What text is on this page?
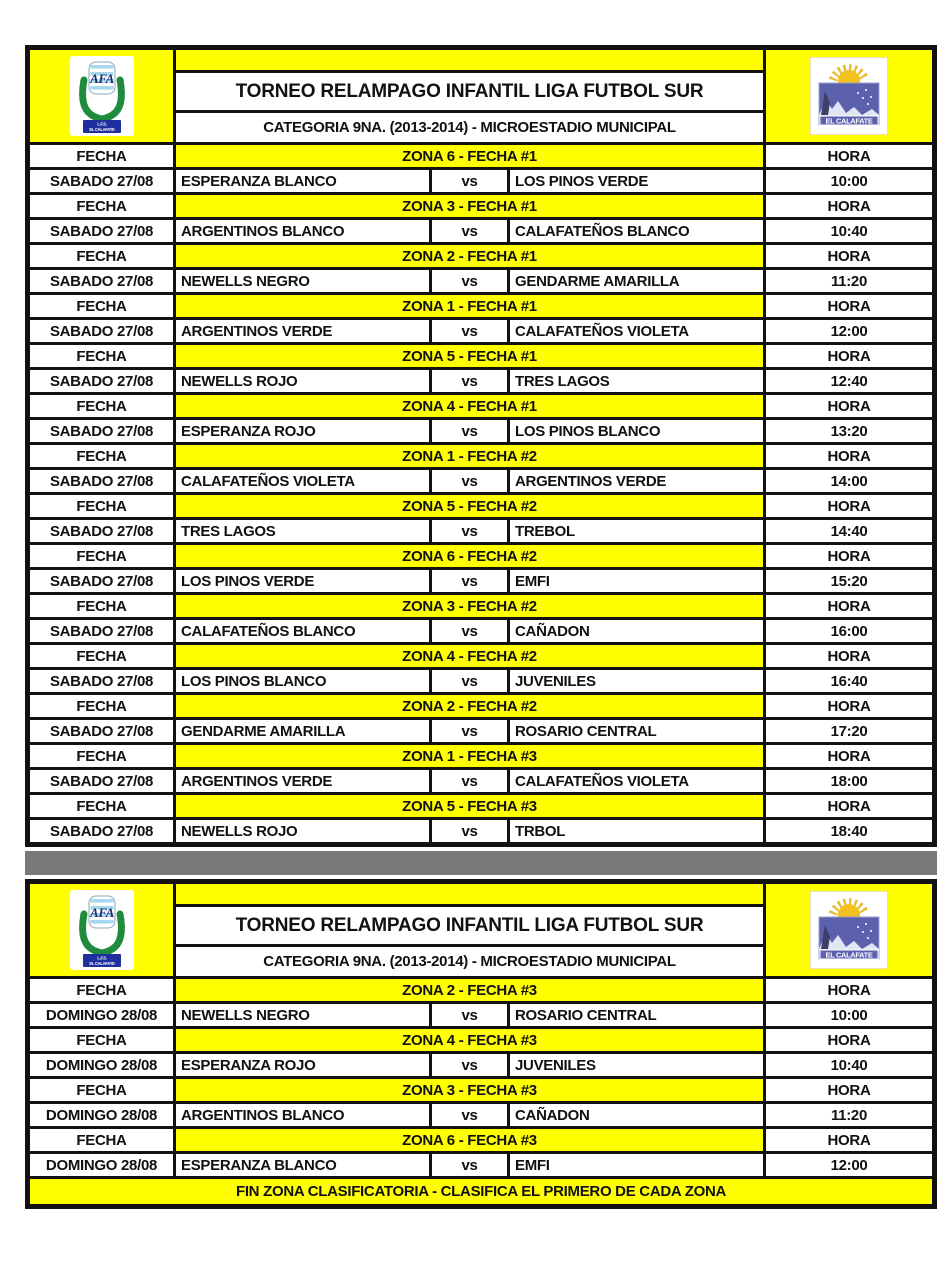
AFA
L.F.S.
EL CALAFATE

TORNEO RELAMPAGO INFANTIL LIGA FUTBOL SUR
CATEGORIA 9NA. (2013-2014) - MICROESTADIO MUNICIPAL	EL CALAFATE

FECHA	ZONA 6 - FECHA #1			HORA
SABADO 27/08	ESPERANZA BLANCO	vs	LOS PINOS VERDE	10:00
FECHA	ZONA 3 - FECHA #1			HORA
SABADO 27/08	ARGENTINOS BLANCO	vs	CALAFATEÑOS BLANCO	10:40
FECHA	ZONA 2 - FECHA #1			HORA
SABADO 27/08	NEWELLS NEGRO	vs	GENDARME AMARILLA	11:20
FECHA	ZONA 1 - FECHA #1			HORA
SABADO 27/08	ARGENTINOS VERDE	vs	CALAFATEÑOS VIOLETA	12:00
FECHA	ZONA 5 - FECHA #1			HORA
SABADO 27/08	NEWELLS ROJO	vs	TRES LAGOS	12:40
FECHA	ZONA 4 - FECHA #1			HORA
SABADO 27/08	ESPERANZA ROJO	vs	LOS PINOS BLANCO	13:20
FECHA	ZONA 1 - FECHA #2			HORA
SABADO 27/08	CALAFATEÑOS VIOLETA	vs	ARGENTINOS VERDE	14:00
FECHA	ZONA 5 - FECHA #2			HORA
SABADO 27/08	TRES LAGOS	vs	TREBOL	14:40
FECHA	ZONA 6 - FECHA #2			HORA
SABADO 27/08	LOS PINOS VERDE	vs	EMFI	15:20
FECHA	ZONA 3 - FECHA #2			HORA
SABADO 27/08	CALAFATEÑOS BLANCO	vs	CAÑADON	16:00
FECHA	ZONA 4 - FECHA #2			HORA
SABADO 27/08	LOS PINOS BLANCO	vs	JUVENILES	16:40
FECHA	ZONA 2 - FECHA #2			HORA
SABADO 27/08	GENDARME AMARILLA	vs	ROSARIO CENTRAL	17:20
FECHA	ZONA 1 - FECHA #3			HORA
SABADO 27/08	ARGENTINOS VERDE	vs	CALAFATEÑOS VIOLETA	18:00
FECHA	ZONA 5 - FECHA #3			HORA
SABADO 27/08	NEWELLS ROJO	vs	TRBOL	18:40
AFA
L.F.S.
EL CALAFATE

TORNEO RELAMPAGO INFANTIL LIGA FUTBOL SUR
CATEGORIA 9NA. (2013-2014) - MICROESTADIO MUNICIPAL	EL CALAFATE

FECHA	ZONA 2 - FECHA #3			HORA
DOMINGO 28/08	NEWELLS NEGRO	vs	ROSARIO CENTRAL	10:00
FECHA	ZONA 4 - FECHA #3			HORA
DOMINGO 28/08	ESPERANZA ROJO	vs	JUVENILES	10:40
FECHA	ZONA 3 - FECHA #3			HORA
DOMINGO 28/08	ARGENTINOS BLANCO	vs	CAÑADON	11:20
FECHA	ZONA 6 - FECHA #3			HORA
DOMINGO 28/08	ESPERANZA BLANCO	vs	EMFI	12:00
FIN ZONA CLASIFICATORIA - CLASIFICA EL PRIMERO DE CADA ZONA				
